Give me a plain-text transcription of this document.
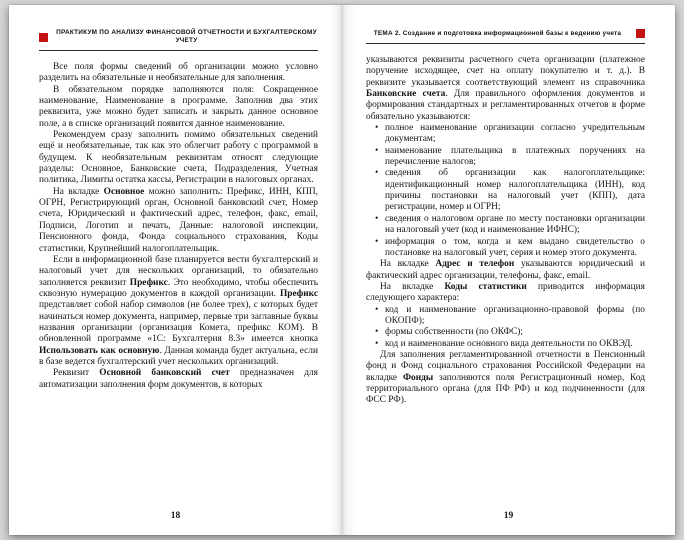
ПРАКТИКУМ ПО АНАЛИЗУ ФИНАНСОВОЙ ОТЧЕТНОСТИ И БУХГАЛТЕРСКОМУ УЧЕТУ

Все поля формы сведений об организации можно условно разделить на обязательные и необязательные для заполнения.

В обязательном порядке заполняются поля: Сокращенное наименование, Наименование в программе. Заполнив два этих реквизита, уже можно будет записать и закрыть данное основное поле, а в списке организаций появится данное наименование.

Рекомендуем сразу заполнить помимо обязательных сведений ещё и необязательные, так как это облегчит работу с программой в будущем. К необязательным реквизитам относят следующие разделы: Основное, Банковские счета, Подразделения, Учетная политика, Лимиты остатка кассы, Регистрации в налоговых органах.

На вкладке Основное можно заполнить: Префикс, ИНН, КПП, ОГРН, Регистрирующий орган, Основной банковский счет, Номер счета, Юридический и фактический адрес, телефон, факс, email, Подписи, Логотип и печать, Данные: налоговой инспекции, Пенсионного фонда, Фонда социального страхования, Коды статистики, Крупнейший налогоплательщик.

Если в информационной базе планируется вести бухгалтерский и налоговый учет для нескольких организаций, то обязательно заполняется реквизит Префикс. Это необходимо, чтобы обеспечить сквозную нумерацию документов в каждой организации. Префикс представляет собой набор символов (не более трех), с которых будет начинаться номер документа, например, первые три заглавные буквы названия организации (организация Комета, префикс КОМ). В обновленной программе «1С: Бухгалтерия 8.3» имеется кнопка Использовать как основную. Данная команда будет актуальна, если в базе ведется бухгалтерский учет нескольких организаций.

Реквизит Основной банковский счет предназначен для автоматизации заполнения форм документов, в которых

18
ТЕМА 2. Создание и подготовка информационной базы к ведению учета

указываются реквизиты расчетного счета организации (платежное поручение исходящее, счет на оплату покупателю и т. д.). В реквизите указывается соответствующий элемент из справочника Банковские счета. Для правильного оформления документов и формирования стандартных и регламентированных отчетов в форме обязательно указываются:

• полное наименование организации согласно учредительным документам;

• наименование плательщика в платежных поручениях на перечисление налогов;

• сведения об организации как налогоплательщике: идентификационный номер налогоплательщика (ИНН), код причины постановки на налоговый учет (КПП), дата регистрации, номер и ОГРН;

• сведения о налоговом органе по месту постановки организации на налоговый учет (код и наименование ИФНС);

• информация о том, когда и кем выдано свидетельство о постановке на налоговый учет, серия и номер этого документа.

На вкладке Адрес и телефон указываются юридический и фактический адрес организации, телефоны, факс, email.

На вкладке Коды статистики приводится информация следующего характера:

• код и наименование организационно-правовой формы (по ОКОПФ);

• формы собственности (по ОКФС);

• код и наименование основного вида деятельности по ОКВЭД.

Для заполнения регламентированной отчетности в Пенсионный фонд и Фонд социального страхования Российской Федерации на вкладке Фонды заполняются поля Регистрационный номер, Код территориального органа (для ПФ РФ) и код подчиненности (для ФСС РФ).

19
